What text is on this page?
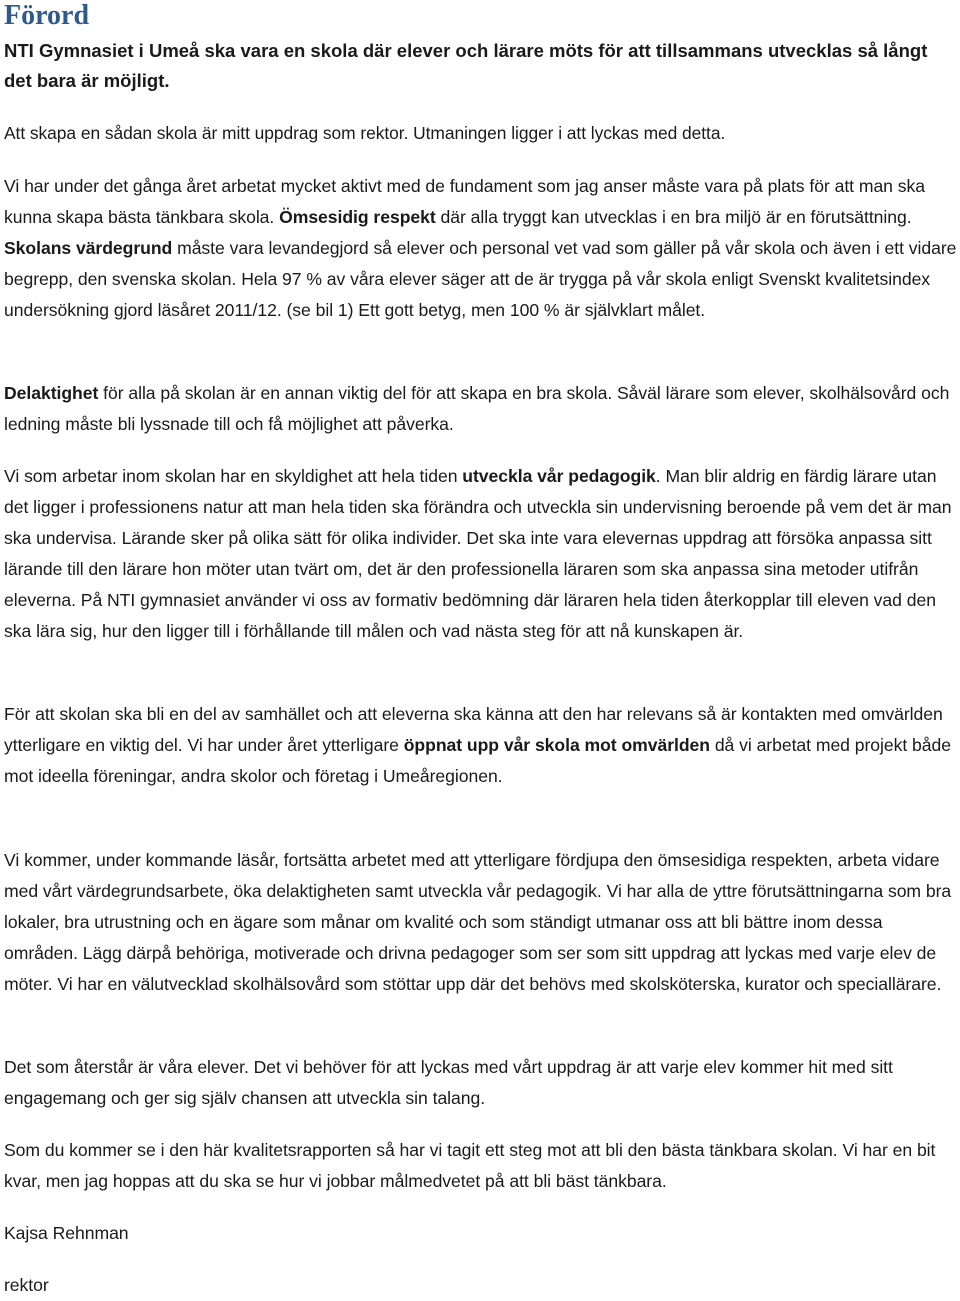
Förord

NTI Gymnasiet i Umeå ska vara en skola där elever och lärare möts för att tillsammans utvecklas så långt det bara är möjligt.

Att skapa en sådan skola är mitt uppdrag som rektor. Utmaningen ligger i att lyckas med detta.

Vi har under det gånga året arbetat mycket aktivt med de fundament som jag anser måste vara på plats för att man ska kunna skapa bästa tänkbara skola. Ömsesidig respekt där alla tryggt kan utvecklas i en bra miljö är en förutsättning. Skolans värdegrund måste vara levandegjord så elever och personal vet vad som gäller på vår skola och även i ett vidare begrepp, den svenska skolan. Hela 97 % av våra elever säger att de är trygga på vår skola enligt Svenskt kvalitetsindex undersökning gjord läsåret 2011/12. (se bil 1) Ett gott betyg, men 100 % är självklart målet.

Delaktighet för alla på skolan är en annan viktig del för att skapa en bra skola. Såväl lärare som elever, skolhälsovård och ledning måste bli lyssnade till och få möjlighet att påverka.

Vi som arbetar inom skolan har en skyldighet att hela tiden utveckla vår pedagogik. Man blir aldrig en färdig lärare utan det ligger i professionens natur att man hela tiden ska förändra och utveckla sin undervisning beroende på vem det är man ska undervisa. Lärande sker på olika sätt för olika individer. Det ska inte vara elevernas uppdrag att försöka anpassa sitt lärande till den lärare hon möter utan tvärt om, det är den professionella läraren som ska anpassa sina metoder utifrån eleverna. På NTI gymnasiet använder vi oss av formativ bedömning där läraren hela tiden återkopplar till eleven vad den ska lära sig, hur den ligger till i förhållande till målen och vad nästa steg för att nå kunskapen är.

För att skolan ska bli en del av samhället och att eleverna ska känna att den har relevans så är kontakten med omvärlden ytterligare en viktig del. Vi har under året ytterligare öppnat upp vår skola mot omvärlden då vi arbetat med projekt både mot ideella föreningar, andra skolor och företag i Umeåregionen.

Vi kommer, under kommande läsår, fortsätta arbetet med att ytterligare fördjupa den ömsesidiga respekten, arbeta vidare med vårt värdegrundsarbete, öka delaktigheten samt utveckla vår pedagogik. Vi har alla de yttre förutsättningarna som bra lokaler, bra utrustning och en ägare som månar om kvalité och som ständigt utmanar oss att bli bättre inom dessa områden. Lägg därpå behöriga, motiverade och drivna pedagoger som ser som sitt uppdrag att lyckas med varje elev de möter. Vi har en välutvecklad skolhälsovård som stöttar upp där det behövs med skolsköterska, kurator och speciallärare.

Det som återstår är våra elever. Det vi behöver för att lyckas med vårt uppdrag är att varje elev kommer hit med sitt engagemang och ger sig själv chansen att utveckla sin talang.

Som du kommer se i den här kvalitetsrapporten så har vi tagit ett steg mot att bli den bästa tänkbara skolan. Vi har en bit kvar, men jag hoppas att du ska se hur vi jobbar målmedvetet på att bli bäst tänkbara.

Kajsa Rehnman

rektor
